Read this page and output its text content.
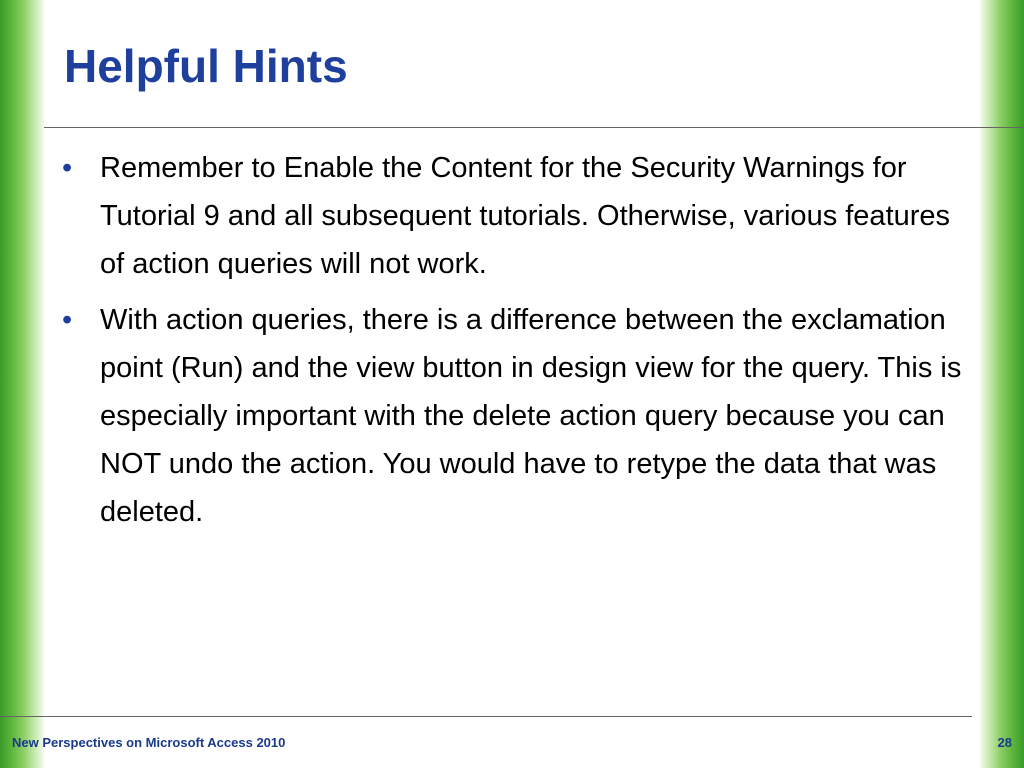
Helpful Hints
• Remember to Enable the Content for the Security Warnings for Tutorial 9 and all subsequent tutorials. Otherwise, various features of action queries will not work.
• With action queries, there is a difference between the exclamation point (Run) and the view button in design view for the query. This is especially important with the delete action query because you can NOT undo the action. You would have to retype the data that was deleted.
New Perspectives on Microsoft Access 2010	28
